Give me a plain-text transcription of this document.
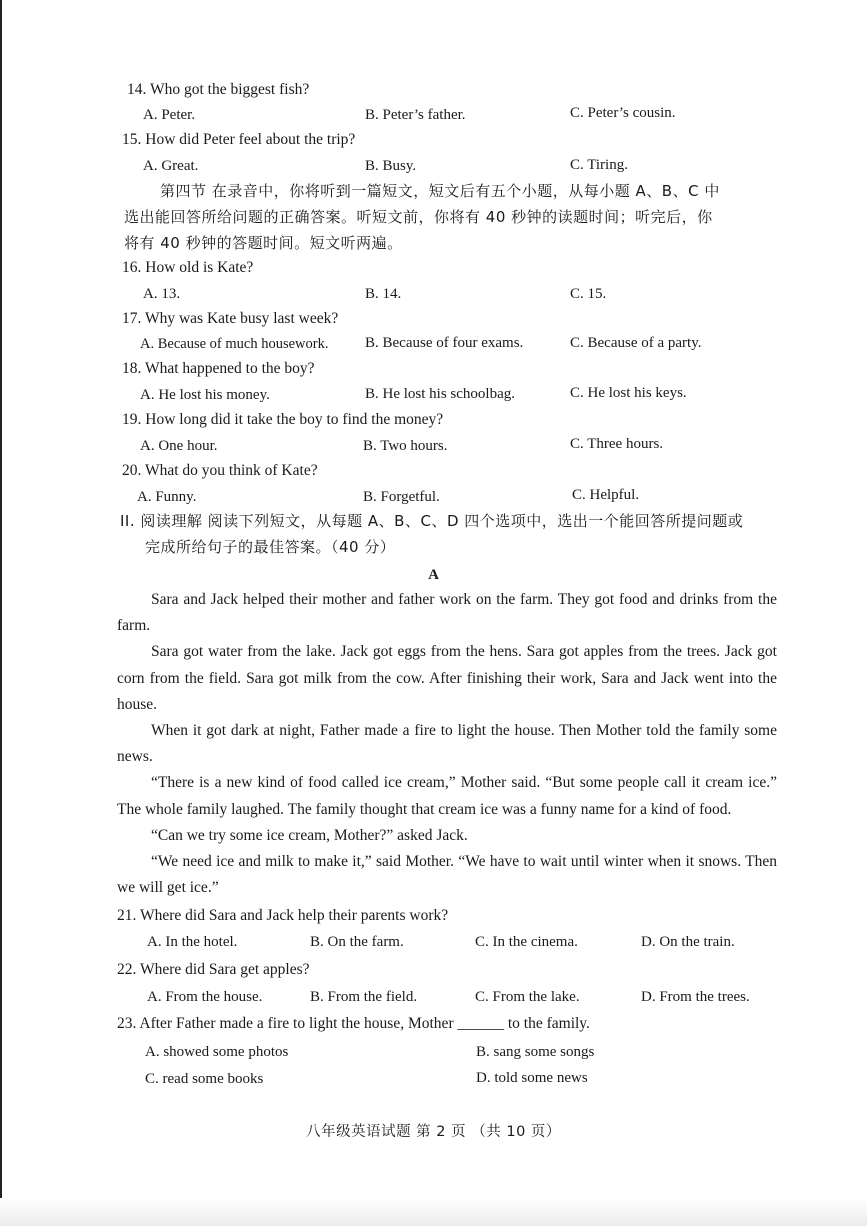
14. Who got the biggest fish?
A. Peter.	B. Peter’s father.	C. Peter’s cousin.
15. How did Peter feel about the trip?
A. Great.	B. Busy.	C. Tiring.
第四节 在录音中，你将听到一篇短文，短文后有五个小题，从每小题 A、B、C 中
选出能回答所给问题的正确答案。听短文前，你将有 40 秒钟的读题时间；听完后，你
将有 40 秒钟的答题时间。短文听两遍。
16. How old is Kate?
A. 13.	B. 14.	C. 15.
17. Why was Kate busy last week?
A. Because of much housework. B. Because of four exams.	C. Because of a party.
18. What happened to the boy?
A. He lost his money.	B. He lost his schoolbag.	C. He lost his keys.
19. How long did it take the boy to find the money?
A. One hour.	B. Two hours.	C. Three hours.
20. What do you think of Kate?
A. Funny.	B. Forgetful.	C. Helpful.
II. 阅读理解 阅读下列短文，从每题 A、B、C、D 四个选项中，选出一个能回答所提问题或
完成所给句子的最佳答案。（40 分）
A

Sara and Jack helped their mother and father work on the farm. They got food and drinks from the farm.

Sara got water from the lake. Jack got eggs from the hens. Sara got apples from the trees. Jack got corn from the field. Sara got milk from the cow. After finishing their work, Sara and Jack went into the house.

When it got dark at night, Father made a fire to light the house. Then Mother told the family some news.

“There is a new kind of food called ice cream,” Mother said. “But some people call it cream ice.” The whole family laughed. The family thought that cream ice was a funny name for a kind of food.

“Can we try some ice cream, Mother?” asked Jack.

“We need ice and milk to make it,” said Mother. “We have to wait until winter when it snows. Then we will get ice.”

21. Where did Sara and Jack help their parents work?
A. In the hotel.	B. On the farm.	C. In the cinema.	D. On the train.
22. Where did Sara get apples?
A. From the house.	B. From the field.	C. From the lake.	D. From the trees.
23. After Father made a fire to light the house, Mother ______ to the family.
A. showed some photos	B. sang some songs
C. read some books	D. told some news
八年级英语试题 第 2 页 （共 10 页）
